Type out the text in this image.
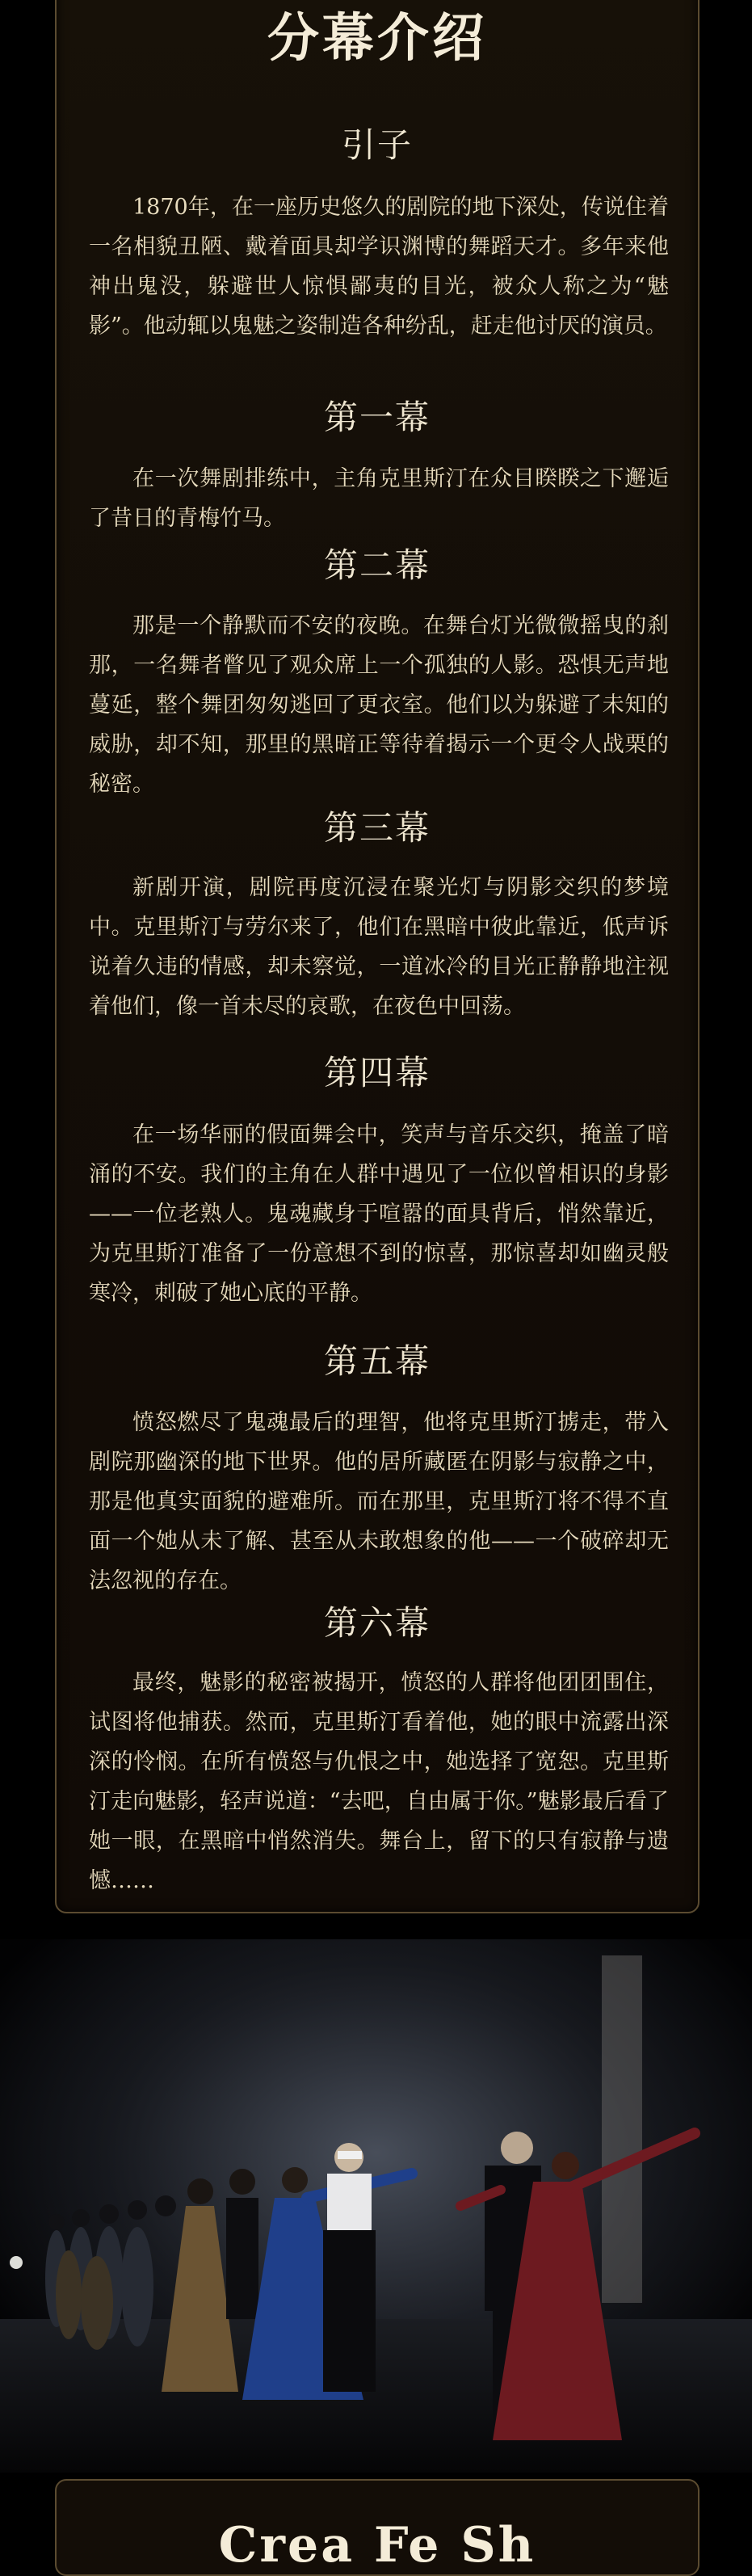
分幕介绍
引子

1870年，在一座历史悠久的剧院的地下深处，传说住着一名相貌丑陋、戴着面具却学识渊博的舞蹈天才。多年来他神出鬼没，躲避世人惊惧鄙夷的目光，被众人称之为“魅影”。他动辄以鬼魅之姿制造各种纷乱，赶走他讨厌的演员。

第一幕

在一次舞剧排练中，主角克里斯汀在众目睽睽之下邂逅了昔日的青梅竹马。

第二幕

那是一个静默而不安的夜晚。在舞台灯光微微摇曳的刹那，一名舞者瞥见了观众席上一个孤独的人影。恐惧无声地蔓延，整个舞团匆匆逃回了更衣室。他们以为躲避了未知的威胁，却不知，那里的黑暗正等待着揭示一个更令人战栗的秘密。

第三幕

新剧开演，剧院再度沉浸在聚光灯与阴影交织的梦境中。克里斯汀与劳尔来了，他们在黑暗中彼此靠近，低声诉说着久违的情感，却未察觉，一道冰冷的目光正静静地注视着他们，像一首未尽的哀歌，在夜色中回荡。

第四幕

在一场华丽的假面舞会中，笑声与音乐交织，掩盖了暗涌的不安。我们的主角在人群中遇见了一位似曾相识的身影——一位老熟人。鬼魂藏身于喧嚣的面具背后，悄然靠近，为克里斯汀准备了一份意想不到的惊喜，那惊喜却如幽灵般寒冷，刺破了她心底的平静。

第五幕

愤怒燃尽了鬼魂最后的理智，他将克里斯汀掳走，带入剧院那幽深的地下世界。他的居所藏匿在阴影与寂静之中，那是他真实面貌的避难所。而在那里，克里斯汀将不得不直面一个她从未了解、甚至从未敢想象的他——一个破碎却无法忽视的存在。

第六幕

最终，魅影的秘密被揭开，愤怒的人群将他团团围住，试图将他捕获。然而，克里斯汀看着他，她的眼中流露出深深的怜悯。在所有愤怒与仇恨之中，她选择了宽恕。克里斯汀走向魅影，轻声说道：“去吧，自由属于你。”魅影最后看了她一眼，在黑暗中悄然消失。舞台上，留下的只有寂静与遗憾……

Crea Fe Sh
